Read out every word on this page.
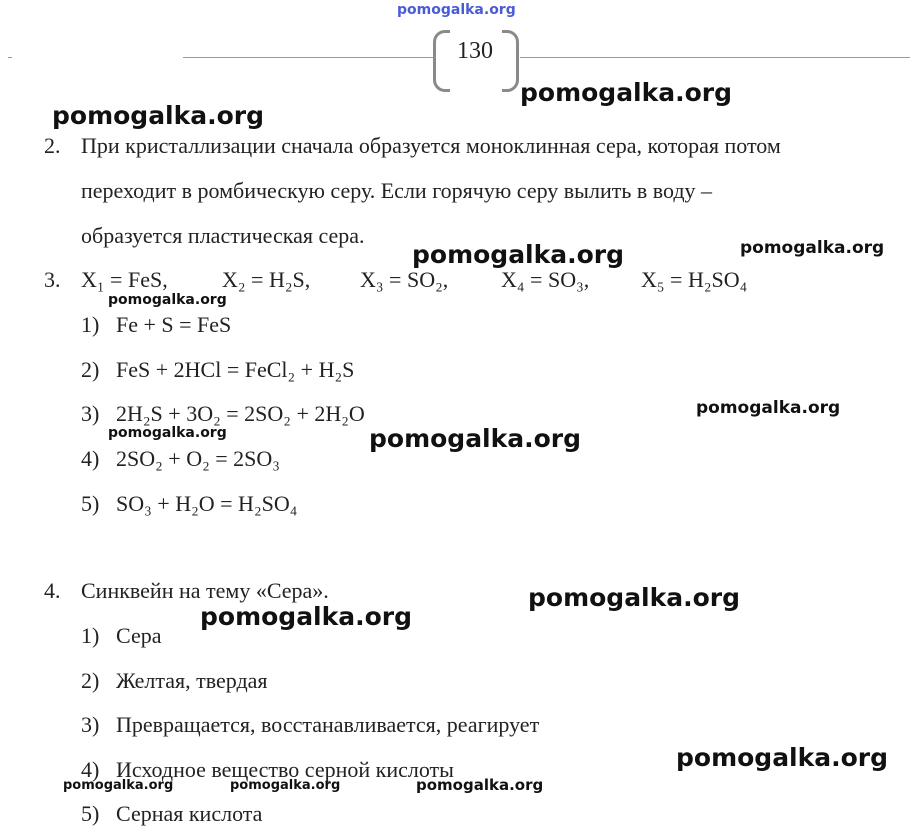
pomogalka.org
130
pomogalka.org
pomogalka.org
2. При кристаллизации сначала образуется моноклинная сера, которая потом
переходит в ромбическую серу. Если горячую серу вылить в воду –
образуется пластическая сера.
pomogalka.org	pomogalka.org
3. X₁ = FeS, X₂ = H₂S, X₃ = SO₂, X₄ = SO₃, X₅ = H₂SO₄
pomogalka.org
1) Fe + S = FeS
2) FeS + 2HCl = FeCl₂ + H₂S
3) 2H₂S + 3O₂ = 2SO₂ + 2H₂O	pomogalka.org
pomogalka.org	pomogalka.org
4) 2SO₂ + O₂ = 2SO₃
5) SO₃ + H₂O = H₂SO₄
4. Синквейн на тему «Сера».	pomogalka.org
pomogalka.org
1) Сера
2) Желтая, твердая
3) Превращается, восстанавливается, реагирует
pomogalka.org
4) Исходное вещество серной кислоты
pomogalka.org	pomogalka.org	pomogalka.org
5) Серная кислота
